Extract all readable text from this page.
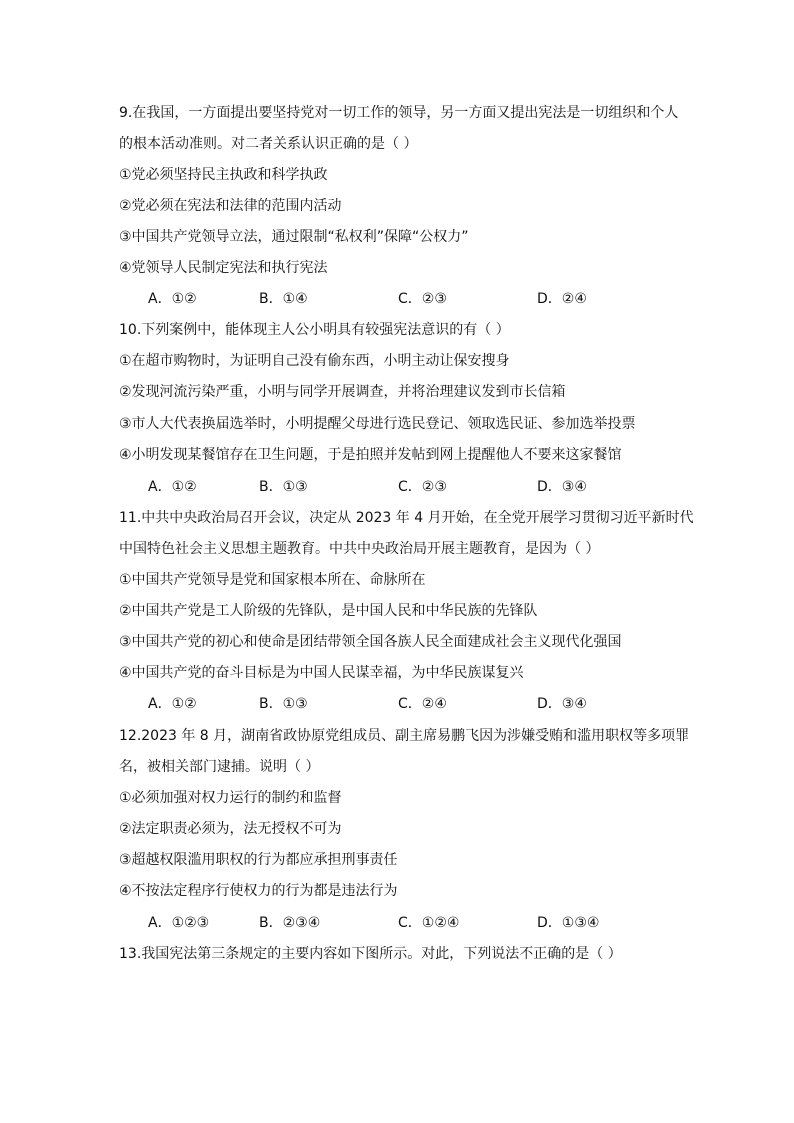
9.在我国，一方面提出要坚持党对一切工作的领导，另一方面又提出宪法是一切组织和个人
的根本活动准则。对二者关系认识正确的是（ ）
①党必须坚持民主执政和科学执政
②党必须在宪法和法律的范围内活动
③中国共产党领导立法，通过限制“私权利”保障“公权力”
④党领导人民制定宪法和执行宪法
A．①②	B．①④	C．②③	D．②④
10.下列案例中，能体现主人公小明具有较强宪法意识的有（ ）
①在超市购物时，为证明自己没有偷东西，小明主动让保安搜身
②发现河流污染严重，小明与同学开展调查，并将治理建议发到市长信箱
③市人大代表换届选举时，小明提醒父母进行选民登记、领取选民证、参加选举投票
④小明发现某餐馆存在卫生问题，于是拍照并发帖到网上提醒他人不要来这家餐馆
A．①②	B．①③	C．②③	D．③④
11.中共中央政治局召开会议，决定从 2023 年 4 月开始，在全党开展学习贯彻习近平新时代
中国特色社会主义思想主题教育。中共中央政治局开展主题教育，是因为（ ）
①中国共产党领导是党和国家根本所在、命脉所在
②中国共产党是工人阶级的先锋队，是中国人民和中华民族的先锋队
③中国共产党的初心和使命是团结带领全国各族人民全面建成社会主义现代化强国
④中国共产党的奋斗目标是为中国人民谋幸福，为中华民族谋复兴
A．①②	B．①③	C．②④	D．③④
12.2023 年 8 月，湖南省政协原党组成员、副主席易鹏飞因为涉嫌受贿和滥用职权等多项罪
名，被相关部门逮捕。说明（ ）
①必须加强对权力运行的制约和监督
②法定职责必须为，法无授权不可为
③超越权限滥用职权的行为都应承担刑事责任
④不按法定程序行使权力的行为都是违法行为
A．①②③	B．②③④	C．①②④	D．①③④
13.我国宪法第三条规定的主要内容如下图所示。对此，下列说法不正确的是（ ）
